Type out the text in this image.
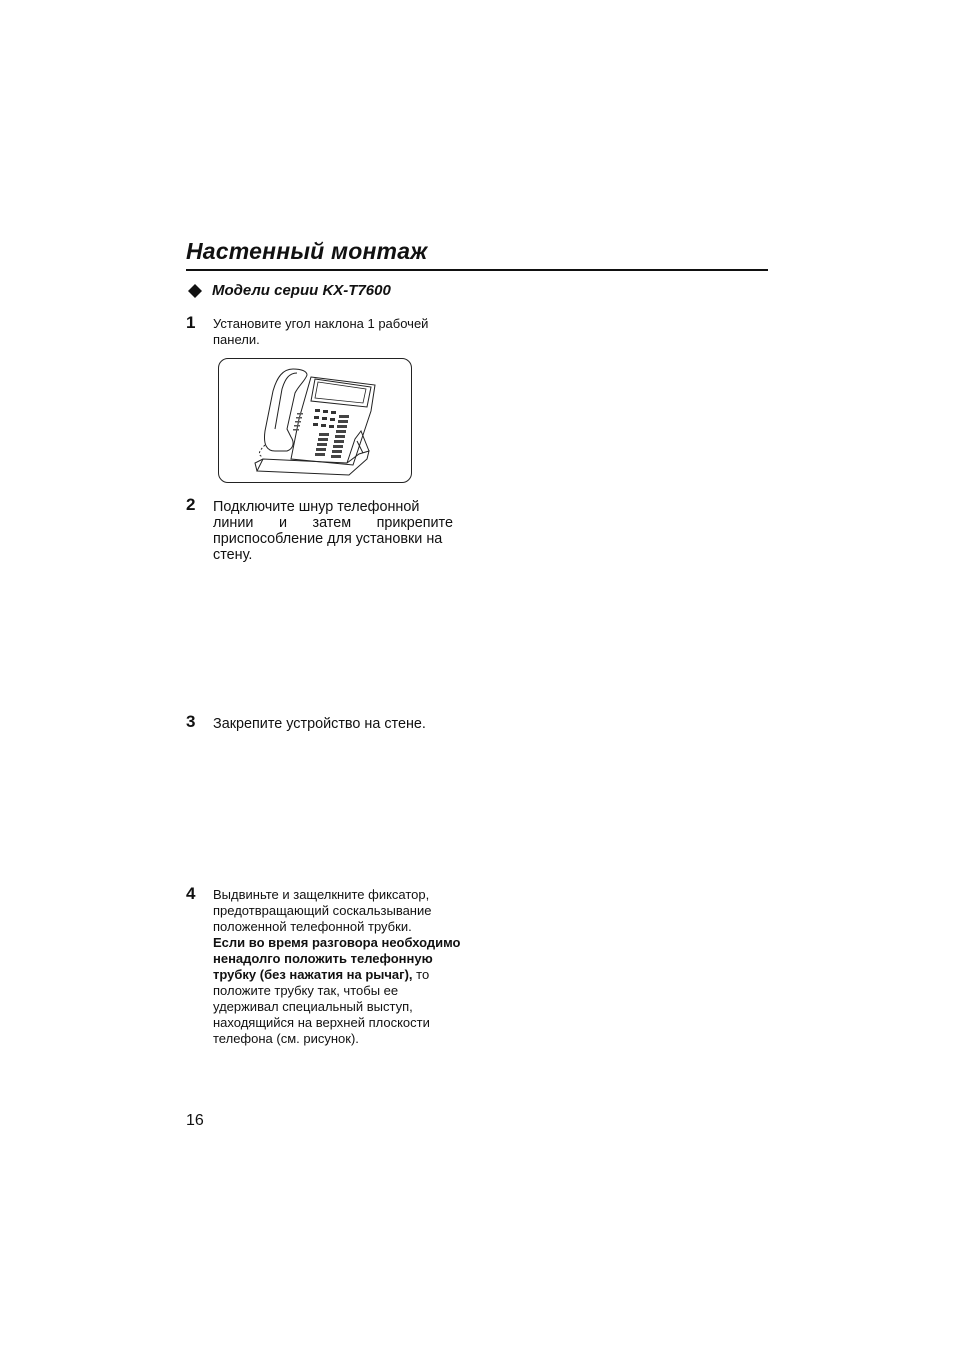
Настенный монтаж
Модели серии KX-T7600
1 Установите угол наклона 1 рабочей панели.
2 Подключите шнур телефонной

линии и затем прикрепите
приспособление для установки на
стену.
3 Закрепите устройство на стене.
4 Выдвиньте и защелкните фиксатор, предотвращающий соскальзывание положенной телефонной трубки.
Если во время разговора необходимо ненадолго положить телефонную трубку (без нажатия на рычаг), то положите трубку так, чтобы ее удерживал специальный выступ, находящийся на верхней плоскости телефона (см. рисунок).
16
